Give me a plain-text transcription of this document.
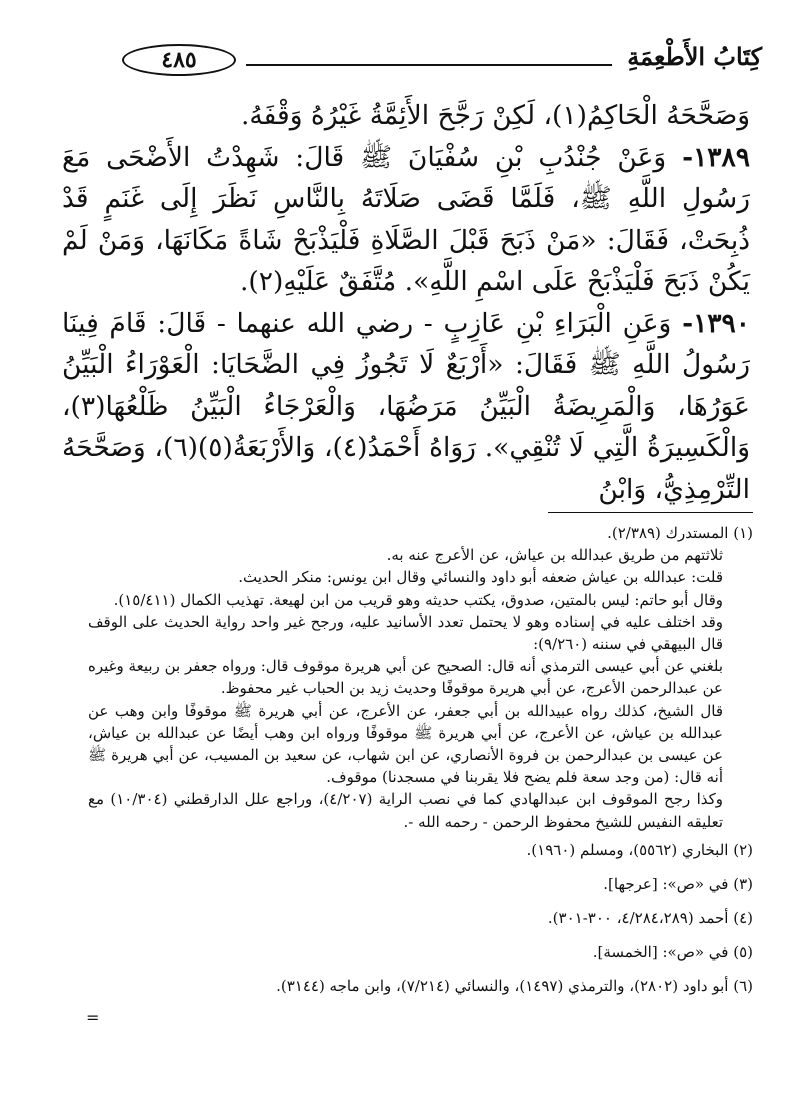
٤٨٥	كِتَابُ الأَطْعِمَةِ

وَصَحَّحَهُ الْحَاكِمُ(١)، لَكِنْ رَجَّحَ الأَئِمَّةُ غَيْرُهُ وَقْفَهُ.

١٣٨٩- وَعَنْ جُنْدُبِ بْنِ سُفْيَانَ ﷺ قَالَ: شَهِدْتُ الأَضْحَى مَعَ رَسُولِ اللَّهِ ﷺ، فَلَمَّا قَضَى صَلَاتَهُ بِالنَّاسِ نَظَرَ إِلَى غَنَمٍ قَدْ ذُبِحَتْ، فَقَالَ: «مَنْ ذَبَحَ قَبْلَ الصَّلَاةِ فَلْيَذْبَحْ شَاةً مَكَانَهَا، وَمَنْ لَمْ يَكُنْ ذَبَحَ فَلْيَذْبَحْ عَلَى اسْمِ اللَّهِ». مُتَّفَقٌ عَلَيْهِ(٢).

١٣٩٠- وَعَنِ الْبَرَاءِ بْنِ عَازِبٍ - رضي الله عنهما - قَالَ: قَامَ فِينَا رَسُولُ اللَّهِ ﷺ فَقَالَ: «أَرْبَعٌ لَا تَجُوزُ فِي الضَّحَايَا: الْعَوْرَاءُ الْبَيِّنُ عَوَرُهَا، وَالْمَرِيضَةُ الْبَيِّنُ مَرَضُهَا، وَالْعَرْجَاءُ الْبَيِّنُ ظَلْعُهَا(٣)، وَالْكَسِيرَةُ الَّتِي لَا تُنْقِي». رَوَاهُ أَحْمَدُ(٤)، وَالأَرْبَعَةُ(٥)(٦)، وَصَحَّحَهُ التِّرْمِذِيُّ، وَابْنُ

(١) المستدرك (٢/٣٨٩).

ثلاثتهم من طريق عبدالله بن عياش، عن الأعرج عنه به.

قلت: عبدالله بن عياش ضعفه أبو داود والنسائي وقال ابن يونس: منكر الحديث.

وقال أبو حاتم: ليس بالمتين، صدوق، يكتب حديثه وهو قريب من ابن لهيعة. تهذيب الكمال (١٥/٤١١).

وقد اختلف عليه في إسناده وهو لا يحتمل تعدد الأسانيد عليه، ورجح غير واحد رواية الحديث على الوقف قال البيهقي في سننه (٩/٢٦٠):

بلغني عن أبي عيسى الترمذي أنه قال: الصحيح عن أبي هريرة موقوف قال: ورواه جعفر بن ربيعة وغيره عن عبدالرحمن الأعرج، عن أبي هريرة موقوفًا وحديث زيد بن الحباب غير محفوظ.

قال الشيخ، كذلك رواه عبيدالله بن أبي جعفر، عن الأعرج، عن أبي هريرة ﷺ موقوفًا وابن وهب عن عبدالله بن عياش، عن الأعرج، عن أبي هريرة ﷺ موقوفًا ورواه ابن وهب أيضًا عن عبدالله بن عياش، عن عيسى بن عبدالرحمن بن فروة الأنصاري، عن ابن شهاب، عن سعيد بن المسيب، عن أبي هريرة ﷺ أنه قال: (من وجد سعة فلم يضح فلا يقربنا في مسجدنا) موقوف.

وكذا رجح الموقوف ابن عبدالهادي كما في نصب الراية (٤/٢٠٧)، وراجع علل الدارقطني (١٠/٣٠٤) مع تعليقه النفيس للشيخ محفوظ الرحمن - رحمه الله -.

(٢) البخاري (٥٥٦٢)، ومسلم (١٩٦٠).

(٣) في «ص»: [عرجها].

(٤) أحمد (٤/٢٨٤،٢٨٩، ٣٠٠-٣٠١).

(٥) في «ص»: [الخمسة].

(٦) أبو داود (٢٨٠٢)، والترمذي (١٤٩٧)، والنسائي (٧/٢١٤)، وابن ماجه (٣١٤٤).

=
